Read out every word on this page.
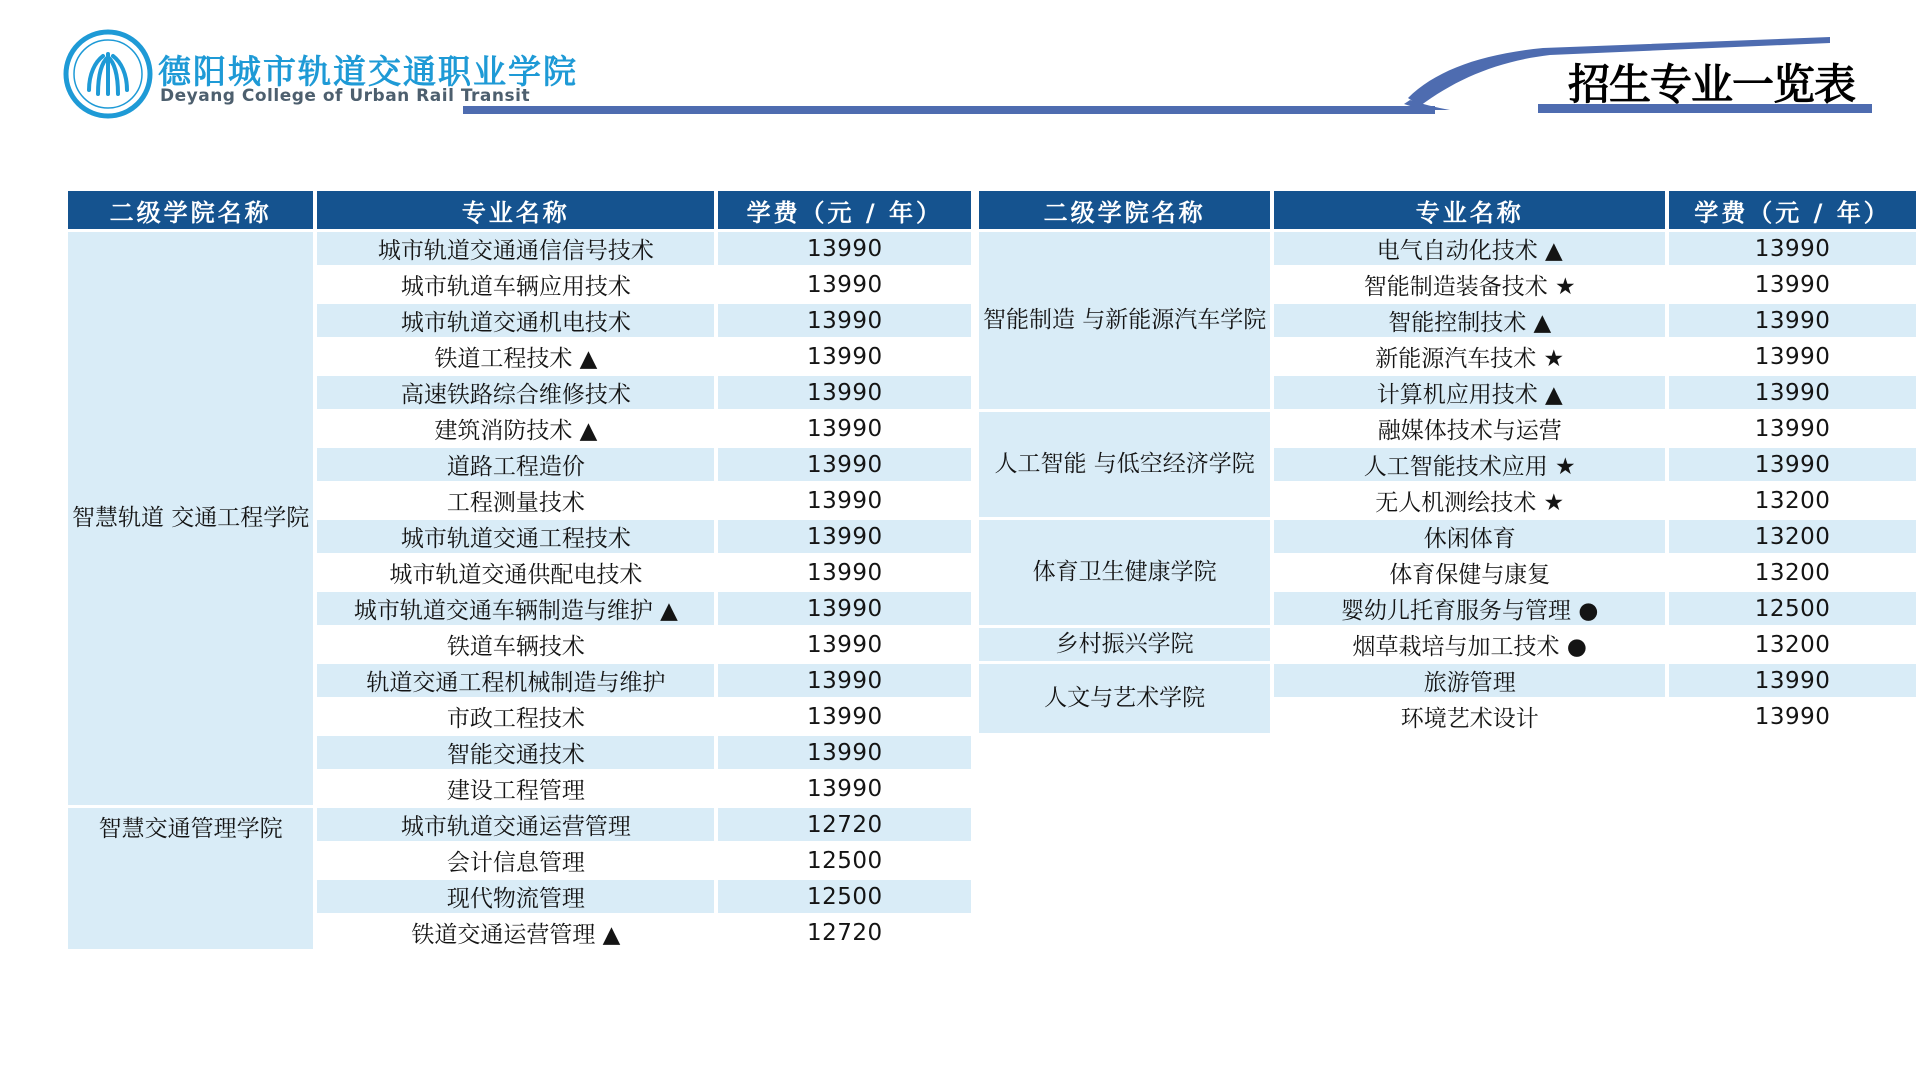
德阳城市轨道交通职业学院
Deyang College of Urban Rail Transit	招生专业一览表
二级学院名称	专业名称	学费（元 / 年）
智慧轨道 交通工程学院	城市轨道交通通信信号技术	13990
	城市轨道车辆应用技术	13990
	城市轨道交通机电技术	13990
	铁道工程技术 ▲	13990
	高速铁路综合维修技术	13990
	建筑消防技术 ▲	13990
	道路工程造价	13990
	工程测量技术	13990
	城市轨道交通工程技术	13990
	城市轨道交通供配电技术	13990
	城市轨道交通车辆制造与维护 ▲	13990
	铁道车辆技术	13990
	轨道交通工程机械制造与维护	13990
	市政工程技术	13990
	智能交通技术	13990
	建设工程管理	13990
智慧交通管理学院	城市轨道交通运营管理	12720
	会计信息管理	12500
	现代物流管理	12500
	铁道交通运营管理 ▲	12720
二级学院名称	专业名称	学费（元 / 年）
智能制造 与新能源汽车学院	电气自动化技术 ▲	13990
	智能制造装备技术 ★	13990
	智能控制技术 ▲	13990
	新能源汽车技术 ★	13990
	计算机应用技术 ▲	13990
人工智能 与低空经济学院	融媒体技术与运营	13990
	人工智能技术应用 ★	13990
	无人机测绘技术 ★	13200
体育卫生健康学院	休闲体育	13200
	体育保健与康复	13200
	婴幼儿托育服务与管理 ●	12500
乡村振兴学院	烟草栽培与加工技术 ●	13200
人文与艺术学院	旅游管理	13990
	环境艺术设计	13990
